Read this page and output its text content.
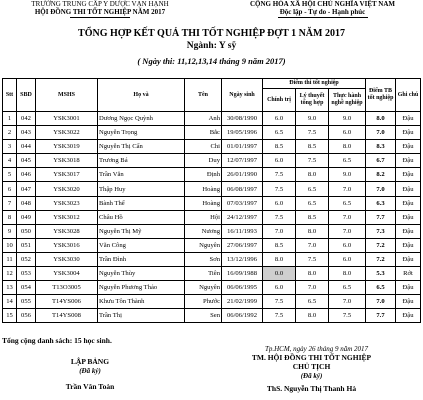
TRƯỜNG TRUNG CẤP Y DƯỢC VẠN HẠNH
HỘI ĐỒNG THI TỐT NGHIỆP NĂM 2017
CỘNG HÒA XÃ HỘI CHỦ NGHĨA VIỆT NAM
Độc lập - Tự do - Hạnh phúc
TỔNG HỢP KẾT QUẢ THI TỐT NGHIỆP ĐỢT 1 NĂM 2017
Ngành: Y sỹ
( Ngày thi: 11,12,13,14 tháng 9 năm 2017)
Stt	SBD	MSHS	Họ và	Tên	Ngày sinh	Điểm thi tốt nghiệp			Điểm TB tốt nghiệp	Ghi chú
						Chính trị	Lý thuyết tổng hợp	Thực hành nghề nghiệp		
1	042	YSK3001	Dương Ngọc Quỳnh	Anh	30/08/1990	6.0	9.0	9.0	8.0	Đậu
2	043	YSK3022	Nguyễn Trọng	Bắc	19/05/1996	6.5	7.5	6.0	7.0	Đậu
3	044	YSK3019	Nguyễn Thị Cẩn	Chi	01/01/1997	8.5	8.5	8.0	8.3	Đậu
4	045	YSK3018	Trương Bá	Duy	12/07/1997	6.0	7.5	6.5	6.7	Đậu
5	046	YSK3017	Trần Văn	Định	26/01/1990	7.5	8.0	9.0	8.2	Đậu
6	047	YSK3020	Thập Huy	Hoàng	06/08/1997	7.5	6.5	7.0	7.0	Đậu
7	048	YSK3023	Bành Thế	Hoàng	07/03/1997	6.0	6.5	6.5	6.3	Đậu
8	049	YSK3012	Châu Hồ	Hội	24/12/1997	7.5	8.5	7.0	7.7	Đậu
9	050	YSK3028	Nguyễn Thị Mỹ	Nương	16/11/1993	7.0	8.0	7.0	7.3	Đậu
10	051	YSK3016	Văn Công	Nguyên	27/06/1997	8.5	7.0	6.0	7.2	Đậu
11	052	YSK3030	Trần Đình	Sơn	13/12/1996	8.0	7.5	6.0	7.2	Đậu
12	053	YSK3004	Nguyễn Thùy	Tiên	16/09/1988	0.0	8.0	8.0	5.3	Rớt
13	054	T13O3005	Nguyễn Phương Thảo	Nguyên	06/06/1995	6.0	7.0	6.5	6.5	Đậu
14	055	T14YS006	Khưu Tôn Thành	Phước	21/02/1999	7.5	6.5	7.0	7.0	Đậu
15	056	T14YS008	Trần Thị	Sen	06/06/1992	7.5	8.0	7.5	7.7	Đậu
Tổng cộng danh sách: 15 học sinh.
Tp.HCM, ngày 26 tháng 9 năm 2017
LẬP BẢNG
(Đã ký)
Trần Văn Toàn
TM. HỘI ĐỒNG THI TỐT NGHIỆP
CHỦ TỊCH
(Đã ký)
ThS. Nguyễn Thị Thanh Hà
